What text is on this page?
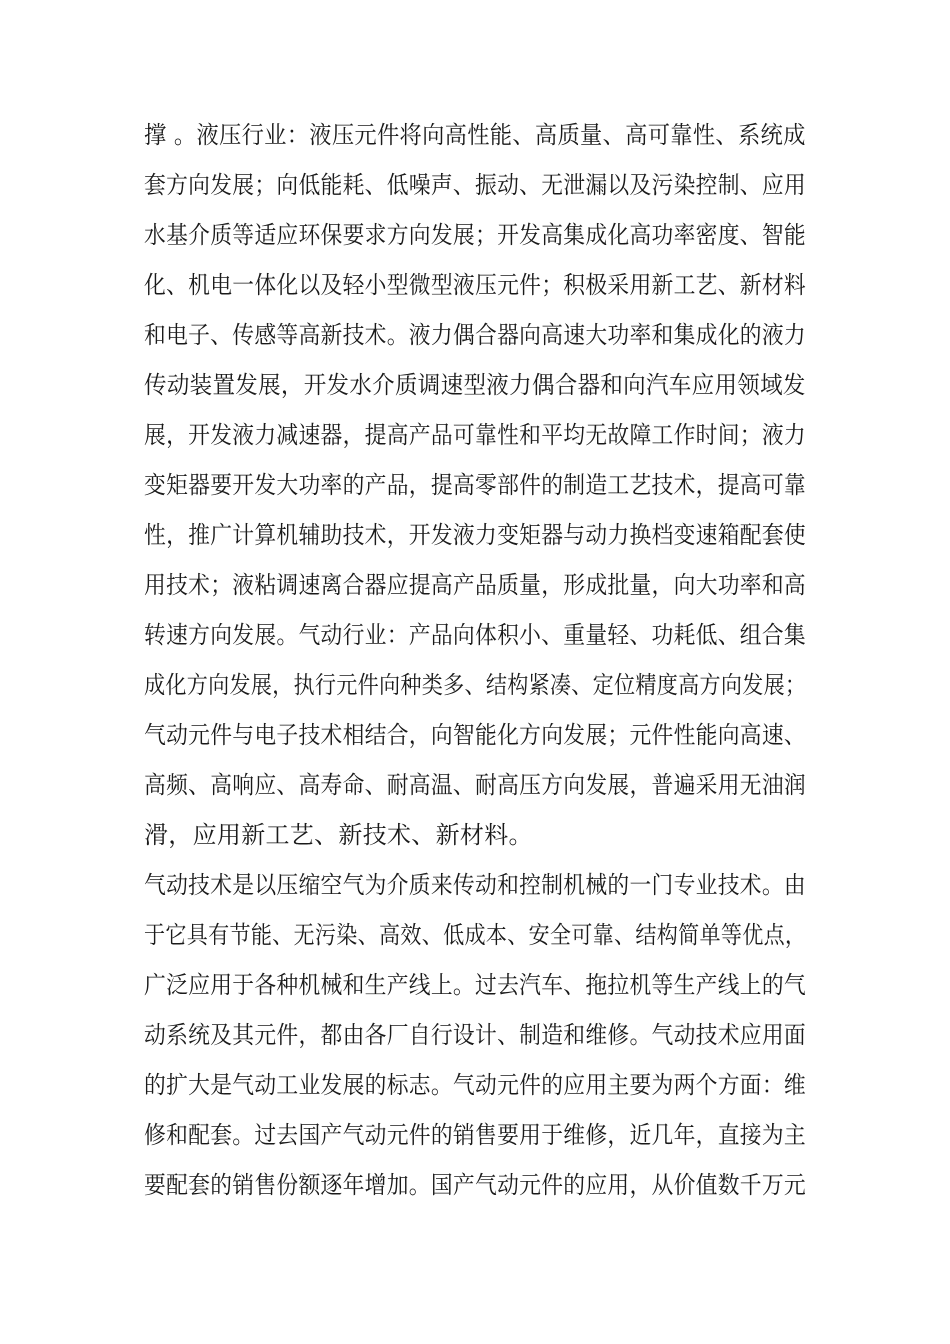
撑 。液压行业：液压元件将向高性能、高质量、高可靠性、系统成
套方向发展；向低能耗、低噪声、振动、无泄漏以及污染控制、应用
水基介质等适应环保要求方向发展；开发高集成化高功率密度、智能
化、机电一体化以及轻小型微型液压元件；积极采用新工艺、新材料
和电子、传感等高新技术。液力偶合器向高速大功率和集成化的液力
传动装置发展，开发水介质调速型液力偶合器和向汽车应用领域发
展，开发液力减速器，提高产品可靠性和平均无故障工作时间；液力
变矩器要开发大功率的产品，提高零部件的制造工艺技术，提高可靠
性，推广计算机辅助技术，开发液力变矩器与动力换档变速箱配套使
用技术；液粘调速离合器应提高产品质量，形成批量，向大功率和高
转速方向发展。气动行业：产品向体积小、重量轻、功耗低、组合集
成化方向发展，执行元件向种类多、结构紧凑、定位精度高方向发展；
气动元件与电子技术相结合，向智能化方向发展；元件性能向高速、
高频、高响应、高寿命、耐高温、耐高压方向发展，普遍采用无油润
滑，应用新工艺、新技术、新材料。
气动技术是以压缩空气为介质来传动和控制机械的一门专业技术。由
于它具有节能、无污染、高效、低成本、安全可靠、结构简单等优点，
广泛应用于各种机械和生产线上。过去汽车、拖拉机等生产线上的气
动系统及其元件，都由各厂自行设计、制造和维修。气动技术应用面
的扩大是气动工业发展的标志。气动元件的应用主要为两个方面：维
修和配套。过去国产气动元件的销售要用于维修，近几年，直接为主
要配套的销售份额逐年增加。国产气动元件的应用，从价值数千万元
